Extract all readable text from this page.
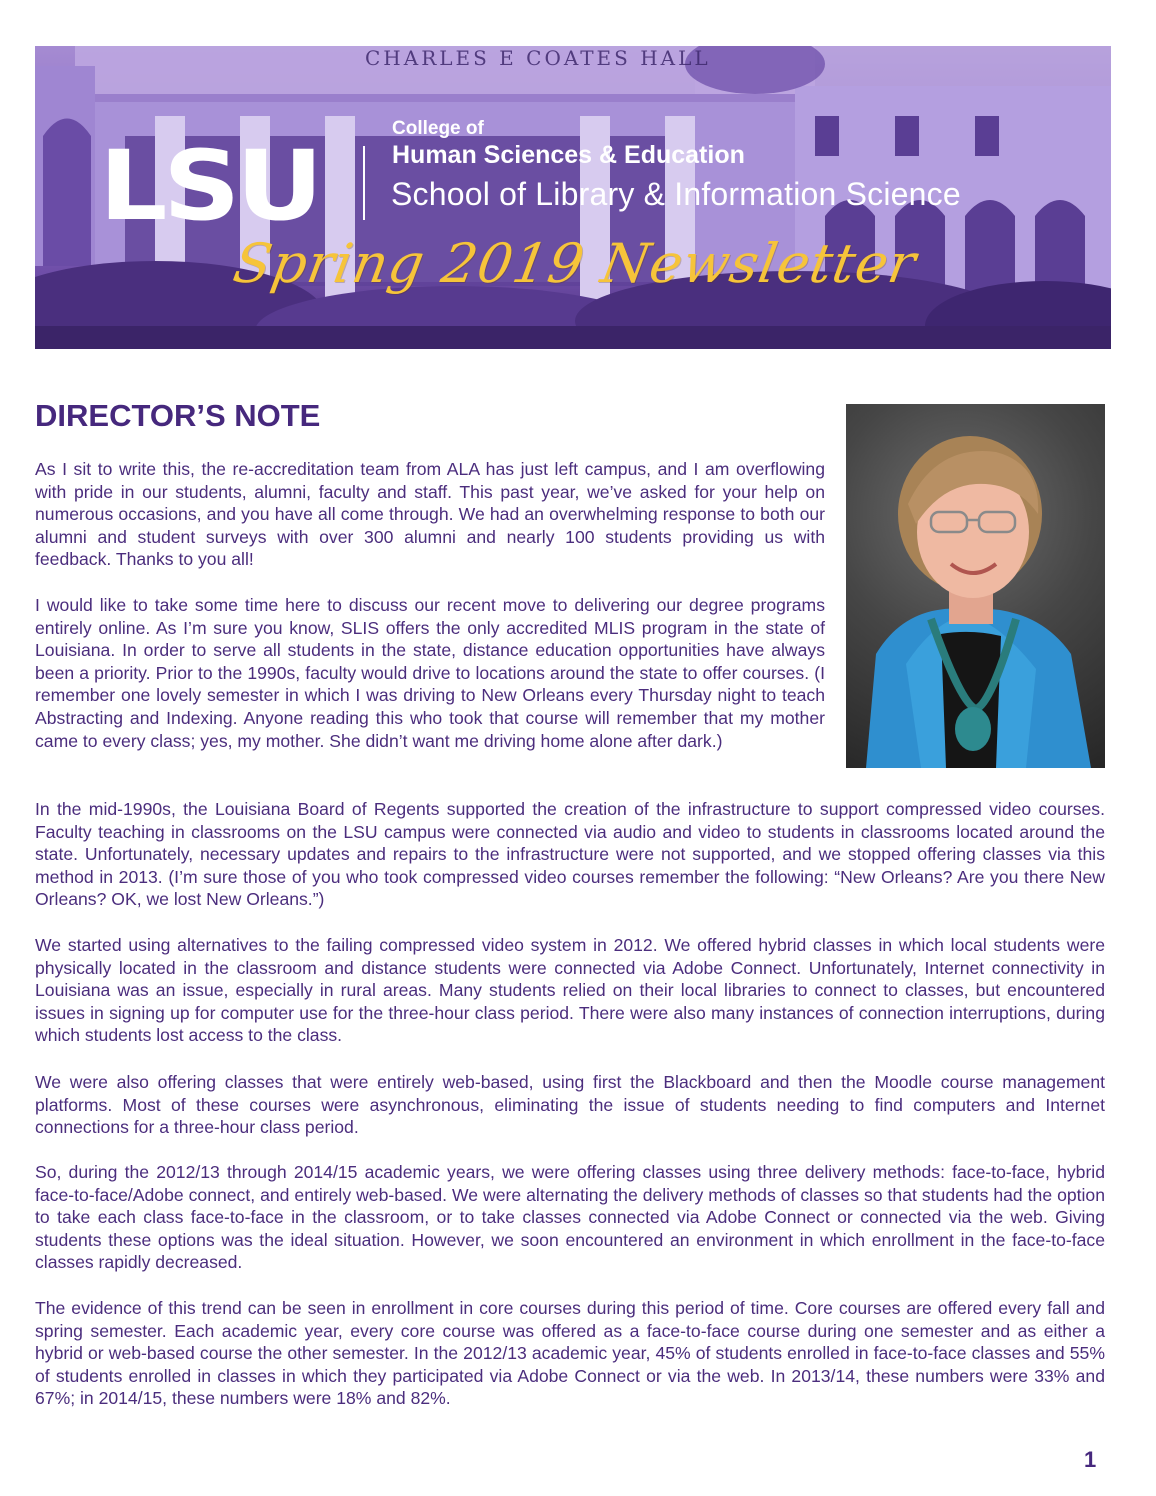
CHARLES E COATES HALL
LSU
College of
Human Sciences & Education
School of Library & Information Science
Spring 2019 Newsletter
DIRECTOR’S NOTE

As I sit to write this, the re-accreditation team from ALA has just left campus, and I am overflowing with pride in our students, alumni, faculty and staff. This past year, we’ve asked for your help on numerous occasions, and you have all come through. We had an overwhelming response to both our alumni and student surveys with over 300 alumni and nearly 100 students providing us with feedback. Thanks to you all!

I would like to take some time here to discuss our recent move to delivering our degree programs entirely online. As I’m sure you know, SLIS offers the only accredited MLIS program in the state of Louisiana. In order to serve all students in the state, distance education opportunities have always been a priority. Prior to the 1990s, faculty would drive to locations around the state to offer courses. (I remember one lovely semester in which I was driving to New Orleans every Thursday night to teach Abstracting and Indexing. Anyone reading this who took that course will remember that my mother came to every class; yes, my mother. She didn’t want me driving home alone after dark.)

In the mid-1990s, the Louisiana Board of Regents supported the creation of the infrastructure to support compressed video courses. Faculty teaching in classrooms on the LSU campus were connected via audio and video to students in classrooms located around the state. Unfortunately, necessary updates and repairs to the infrastructure were not supported, and we stopped offering classes via this method in 2013. (I’m sure those of you who took compressed video courses remember the following: “New Orleans? Are you there New Orleans? OK, we lost New Orleans.”)

We started using alternatives to the failing compressed video system in 2012. We offered hybrid classes in which local students were physically located in the classroom and distance students were connected via Adobe Connect. Unfortunately, Internet connectivity in Louisiana was an issue, especially in rural areas. Many students relied on their local libraries to connect to classes, but encountered issues in signing up for computer use for the three-hour class period. There were also many instances of connection interruptions, during which students lost access to the class.

We were also offering classes that were entirely web-based, using first the Blackboard and then the Moodle course management platforms. Most of these courses were asynchronous, eliminating the issue of students needing to find computers and Internet connections for a three-hour class period.

So, during the 2012/13 through 2014/15 academic years, we were offering classes using three delivery methods: face-to-face, hybrid face-to-face/Adobe connect, and entirely web-based. We were alternating the delivery methods of classes so that students had the option to take each class face-to-face in the classroom, or to take classes connected via Adobe Connect or connected via the web. Giving students these options was the ideal situation. However, we soon encountered an environment in which enrollment in the face-to-face classes rapidly decreased.

The evidence of this trend can be seen in enrollment in core courses during this period of time. Core courses are offered every fall and spring semester. Each academic year, every core course was offered as a face-to-face course during one semester and as either a hybrid or web-based course the other semester. In the 2012/13 academic year, 45% of students enrolled in face-to-face classes and 55% of students enrolled in classes in which they participated via Adobe Connect or via the web. In 2013/14, these numbers were 33% and 67%; in 2014/15, these numbers were 18% and 82%.

1
